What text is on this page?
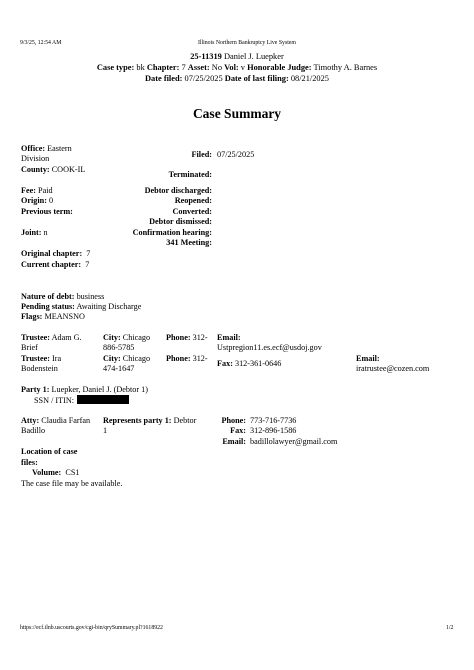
9/3/25, 12:54 AM	Illinois Northern Bankruptcy Live System
25-11319 Daniel J. Luepker
Case type: bk Chapter: 7 Asset: No Vol: v Honorable Judge: Timothy A. Barnes
Date filed: 07/25/2025 Date of last filing: 08/21/2025
Case Summary
Office: Eastern
Division
County: COOK-IL
Filed: 07/25/2025
Terminated:
Fee: Paid
Origin: 0
Previous term:
Joint: n
Debtor discharged:
Reopened:
Converted:
Debtor dismissed:
Confirmation hearing:
341 Meeting:
Original chapter: 7
Current chapter: 7
Nature of debt: business
Pending status: Awaiting Discharge
Flags: MEANSNO
Trustee: Adam G.
Brief
City: Chicago
886-5785
Phone: 312- Email:
Ustpregion11.es.ecf@usdoj.gov
Trustee: Ira
Bodenstein
City: Chicago
474-1647
Phone: 312-
Fax: 312-361-0646
Email:
iratrustee@cozen.com
Party 1: Luepker, Daniel J. (Debtor 1)
SSN / ITIN:
Atty: Claudia Farfan
Badillo
Represents party 1: Debtor
1
Phone: 773-716-7736
Fax: 312-896-1586
Email: badillolawyer@gmail.com
Location of case
files:
Volume: CS1
The case file may be available.
https://ecf.ilnb.uscourts.gov/cgi-bin/qrySummary.pl?1618922	1/2
